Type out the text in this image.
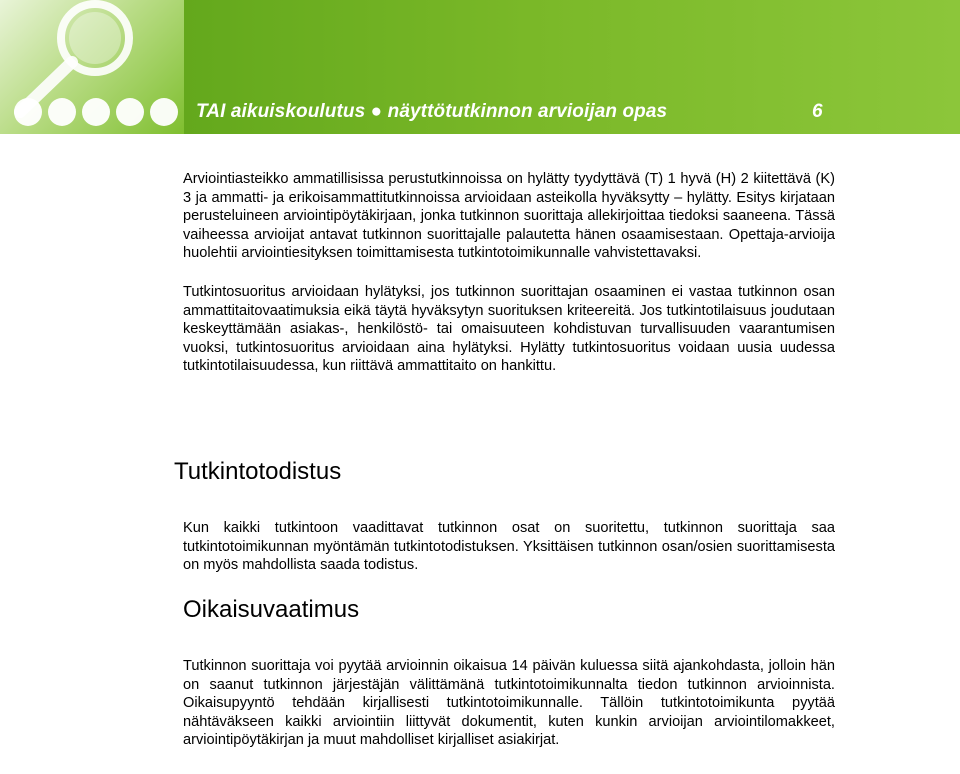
TAI aikuiskoulutus ● näyttötutkinnon arvioijan opas	6

Arviointiasteikko ammatillisissa perustutkinnoissa on hylätty tyydyttävä (T) 1 hyvä (H) 2 kiitettävä (K) 3 ja ammatti- ja erikoisammattitutkinnoissa arvioidaan asteikolla hyväksytty – hylätty. Esitys kirjataan perusteluineen arviointipöytäkirjaan, jonka tutkinnon suorittaja allekirjoittaa tiedoksi saaneena. Tässä vaiheessa arvioijat antavat tutkinnon suorittajalle palautetta hänen osaamisestaan. Opettaja-arvioija huolehtii arviointiesityksen toimittamisesta tutkintotoimikunnalle vahvistettavaksi.

Tutkintosuoritus arvioidaan hylätyksi, jos tutkinnon suorittajan osaaminen ei vastaa tutkinnon osan ammattitaitovaatimuksia eikä täytä hyväksytyn suorituksen kriteereitä. Jos tutkintotilaisuus joudutaan keskeyttämään asiakas-, henkilöstö- tai omaisuuteen kohdistuvan turvallisuuden vaarantumisen vuoksi, tutkintosuoritus arvioidaan aina hylätyksi. Hylätty tutkintosuoritus voidaan uusia uudessa tutkintotilaisuudessa, kun riittävä ammattitaito on hankittu.

Tutkintotodistus

Kun kaikki tutkintoon vaadittavat tutkinnon osat on suoritettu, tutkinnon suorittaja saa tutkintotoimikunnan myöntämän tutkintotodistuksen. Yksittäisen tutkinnon osan/osien suorittamisesta on myös mahdollista saada todistus.

Oikaisuvaatimus

Tutkinnon suorittaja voi pyytää arvioinnin oikaisua 14 päivän kuluessa siitä ajankohdasta, jolloin hän on saanut tutkinnon järjestäjän välittämänä tutkintotoimikunnalta tiedon tutkinnon arvioinnista. Oikaisupyyntö tehdään kirjallisesti tutkintotoimikunnalle. Tällöin tutkintotoimikunta pyytää nähtäväkseen kaikki arviointiin liittyvät dokumentit, kuten kunkin arvioijan arviointilomakkeet, arviointipöytäkirjan ja muut mahdolliset kirjalliset asiakirjat.
